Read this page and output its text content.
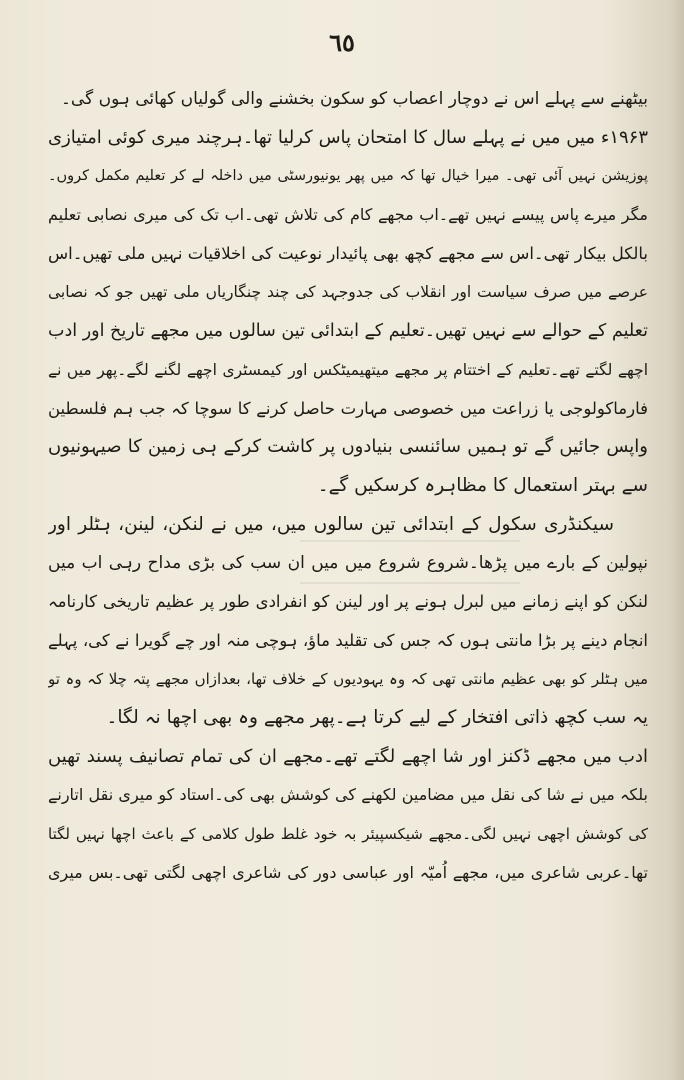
٦٥
بیٹھنے سے پہلے اس نے دوچار اعصاب کو سکون بخشنے والی گولیاں کھائی ہوں گی۔
۱۹۶۳ء میں میں نے پہلے سال کا امتحان پاس کرلیا تھا۔ہرچند میری کوئی امتیازی
پوزیشن نہیں آئی تھی۔ میرا خیال تھا کہ میں پھر یونیورسٹی میں داخلہ لے کر تعلیم مکمل کروں۔
مگر میرے پاس پیسے نہیں تھے۔اب مجھے کام کی تلاش تھی۔اب تک کی میری نصابی تعلیم
بالکل بیکار تھی۔اس سے مجھے کچھ بھی پائیدار نوعیت کی اخلاقیات نہیں ملی تھیں۔اس
عرصے میں صرف سیاست اور انقلاب کی جدوجہد کی چند چنگاریاں ملی تھیں جو کہ نصابی
تعلیم کے حوالے سے نہیں تھیں۔تعلیم کے ابتدائی تین سالوں میں مجھے تاریخ اور ادب
اچھے لگتے تھے۔تعلیم کے اختتام پر مجھے میتھیمیٹکس اور کیمسٹری اچھے لگنے لگے۔پھر میں نے
فارماکولوجی یا زراعت میں خصوصی مہارت حاصل کرنے کا سوچا کہ جب ہم فلسطین
واپس جائیں گے تو ہمیں سائنسی بنیادوں پر کاشت کرکے ہی زمین کا صیہونیوں
سے بہتر استعمال کا مظاہرہ کرسکیں گے۔
سیکنڈری سکول کے ابتدائی تین سالوں میں، میں نے لنکن، لینن، ہٹلر اور
نپولین کے بارے میں پڑھا۔شروع شروع میں میں ان سب کی بڑی مداح رہی اب میں
لنکن کو اپنے زمانے میں لبرل ہونے پر اور لینن کو انفرادی طور پر عظیم تاریخی کارنامہ
انجام دینے پر بڑا مانتی ہوں کہ جس کی تقلید ماؤ، ہوچی منہ اور چے گویرا نے کی، پہلے
میں ہٹلر کو بھی عظیم مانتی تھی کہ وہ یہودیوں کے خلاف تھا، بعدازاں مجھے پتہ چلا کہ وہ تو
یہ سب کچھ ذاتی افتخار کے لیے کرتا ہے۔پھر مجھے وہ بھی اچھا نہ لگا۔
ادب میں مجھے ڈکنز اور شا اچھے لگتے تھے۔مجھے ان کی تمام تصانیف پسند تھیں
بلکہ میں نے شا کی نقل میں مضامین لکھنے کی کوشش بھی کی۔استاد کو میری نقل اتارنے
کی کوشش اچھی نہیں لگی۔مجھے شیکسپیئر بہ خود غلط طول کلامی کے باعث اچھا نہیں لگتا
تھا۔عربی شاعری میں، مجھے اُمیّہ اور عباسی دور کی شاعری اچھی لگتی تھی۔بس میری
